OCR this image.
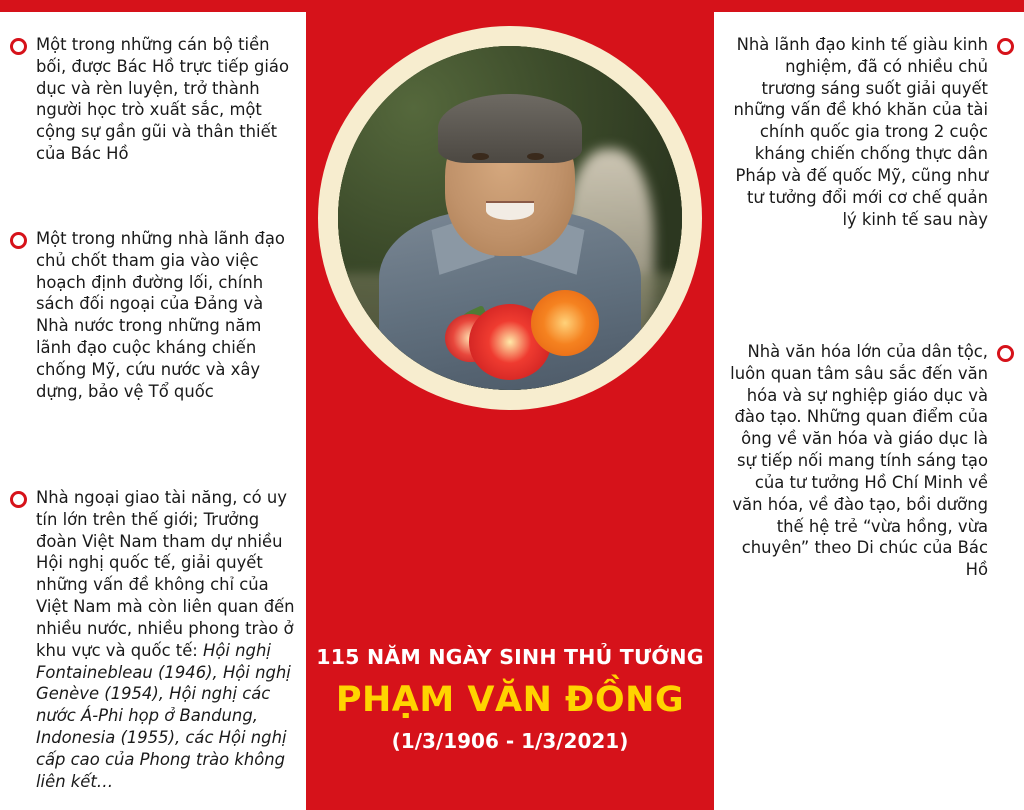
115 NĂM NGÀY SINH THỦ TƯỚNG
PHẠM VĂN ĐỒNG
(1/3/1906 - 1/3/2021)
Một trong những cán bộ tiền bối, được Bác Hồ trực tiếp giáo dục và rèn luyện, trở thành người học trò xuất sắc, một cộng sự gần gũi và thân thiết của Bác Hồ
Một trong những nhà lãnh đạo chủ chốt tham gia vào việc hoạch định đường lối, chính sách đối ngoại của Đảng và Nhà nước trong những năm lãnh đạo cuộc kháng chiến chống Mỹ, cứu nước và xây dựng, bảo vệ Tổ quốc
Nhà ngoại giao tài năng, có uy tín lớn trên thế giới; Trưởng đoàn Việt Nam tham dự nhiều Hội nghị quốc tế, giải quyết những vấn đề không chỉ của Việt Nam mà còn liên quan đến nhiều nước, nhiều phong trào ở khu vực và quốc tế: Hội nghị Fontainebleau (1946), Hội nghị Genève (1954), Hội nghị các nước Á-Phi họp ở Bandung, Indonesia (1955), các Hội nghị cấp cao của Phong trào không liên kết…
Nhà lãnh đạo kinh tế giàu kinh nghiệm, đã có nhiều chủ trương sáng suốt giải quyết những vấn đề khó khăn của tài chính quốc gia trong 2 cuộc kháng chiến chống thực dân Pháp và đế quốc Mỹ, cũng như tư tưởng đổi mới cơ chế quản lý kinh tế sau này
Nhà văn hóa lớn của dân tộc, luôn quan tâm sâu sắc đến văn hóa và sự nghiệp giáo dục và đào tạo. Những quan điểm của ông về văn hóa và giáo dục là sự tiếp nối mang tính sáng tạo của tư tưởng Hồ Chí Minh về văn hóa, về đào tạo, bồi dưỡng thế hệ trẻ “vừa hồng, vừa chuyên” theo Di chúc của Bác Hồ
